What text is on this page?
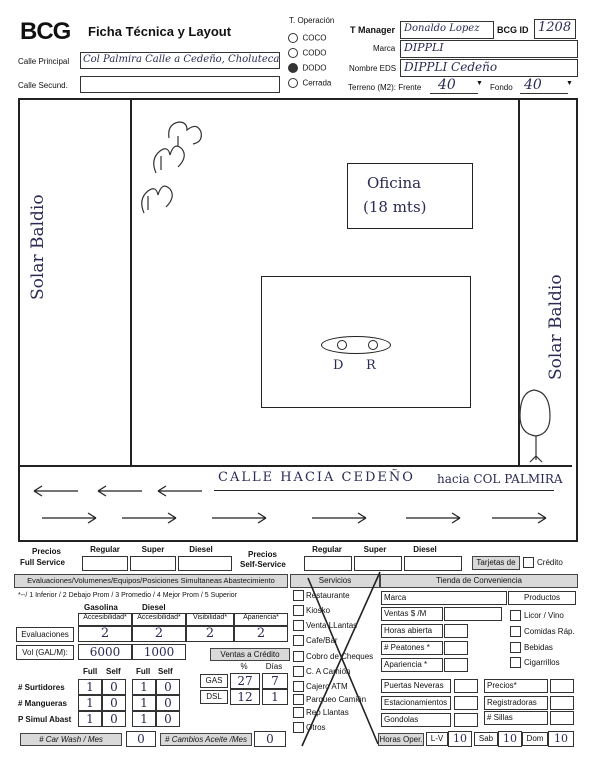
BCG Ficha Técnica y Layout
Calle Principal Col Palmira Calle a Cedeño, Choluteca
Calle Secund.
T. Operación
COCO
CODO
DODO
Cerrada
T Manager Donaldo Lopez	BCG ID 1208
Marca DIPPLI
Nombre EDS DIPPLI Cedeño
Terreno (M2): Frente	40	▼ Fondo 40	▼
Solar Baldio
Solar Baldio
Oficina
(18 mts)
D R
CALLE HACIA CEDEÑO hacia COL PALMIRA
Precios
Full Service
Regular	Super	Diesel
Precios
Self-Service
Regular	Super	Diesel
Tarjetas de	Crédito
Evaluaciones/Volumenes/Equipos/Posiciones Simultaneas Abastecimiento
*--/ 1 Inferior / 2 Debajo Prom / 3 Promedio / 4 Mejor Prom / 5 Superior
Gasolina	Diesel
Accesibilidad*	Accesibilidad*	Visibilidad*	Apariencia*
Evaluaciones	2	2	2	2
Vol (GAL/M):	6000	1000	Ventas a Crédito
%	Días
GAS	27	7
DSL	12	1
Full Self Full Self
# Surtidores	1	0	1	0
# Mangueras	1	0	1	0
P Simul Abast	1	0	1	0
# Car Wash / Mes	0	# Cambios Aceite /Mes	0
Servicios
Restaurante
Kiosko
Venta LLantas
Cafe/Bar
Cobro de Cheques
C. A Camión
Cajero ATM
Parqueo Camión
Rep Llantas
Otros
Tienda de Conveniencia
Marca	Productos
Ventas $ /M
Horas abierta
# Peatones *
Apariencia *
Licor / Vino
Comidas Ráp.
Bebidas
Cigarrillos
Puertas Neveras
Estacionamientos
Gondolas
Precios*
Registradoras
# Sillas
Horas Oper.	L-V 10	Sab 10	Dom 10
